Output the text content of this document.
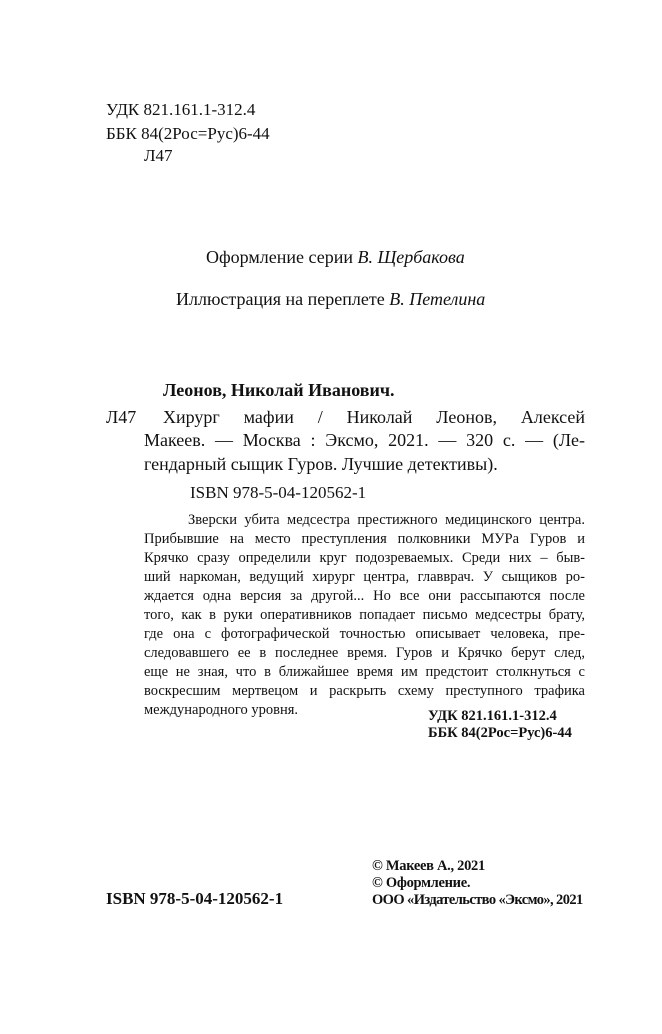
УДК 821.161.1-312.4
ББК 84(2Рос=Рус)6-44
Л47
Оформление серии В. Щербакова
Иллюстрация на переплете В. Петелина
Леонов, Николай Иванович.
Л47 Хирург мафии / Николай Леонов, Алексей
Макеев. — Москва : Эксмо, 2021. — 320 с. — (Ле-
гендарный сыщик Гуров. Лучшие детективы).
ISBN 978-5-04-120562-1
Зверски убита медсестра престижного медицинского центра.
Прибывшие на место преступления полковники МУРа Гуров и
Крячко сразу определили круг подозреваемых. Среди них – быв-
ший наркоман, ведущий хирург центра, главврач. У сыщиков ро-
ждается одна версия за другой... Но все они рассыпаются после
того, как в руки оперативников попадает письмо медсестры брату,
где она с фотографической точностью описывает человека, пре-
следовавшего ее в последнее время. Гуров и Крячко берут след,
еще не зная, что в ближайшее время им предстоит столкнуться с
воскресшим мертвецом и раскрыть схему преступного трафика
международного уровня.	УДК 821.161.1-312.4
ББК 84(2Рос=Рус)6-44
© Макеев А., 2021
© Оформление.
ООО «Издательство «Эксмо», 2021
ISBN 978-5-04-120562-1
